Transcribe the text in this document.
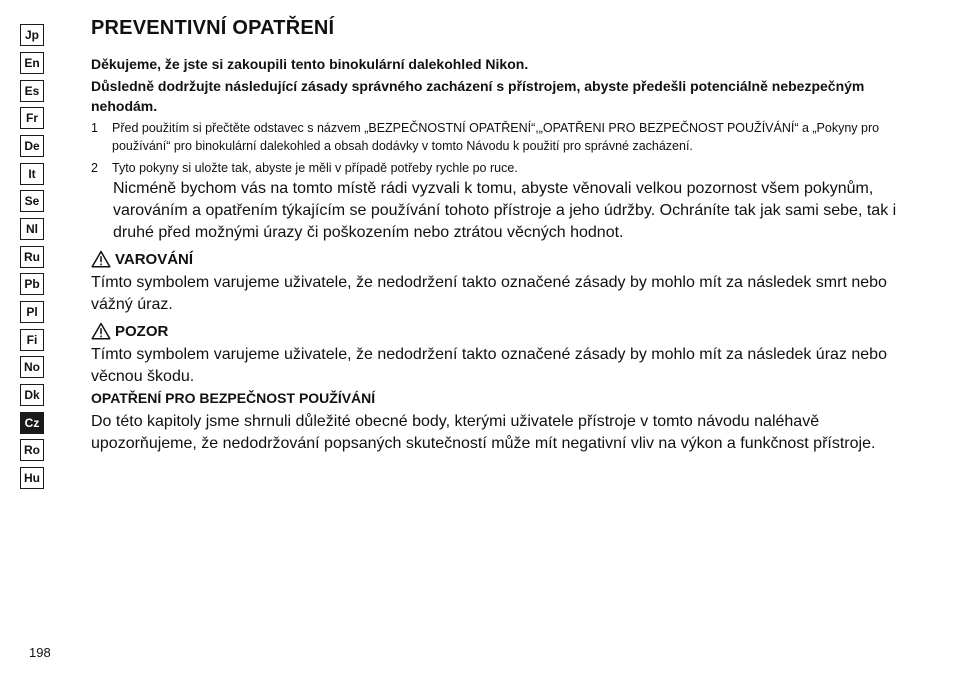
Jp
En
Es
Fr
De
It
Se
Nl
Ru
Pb
Pl
Fi
No
Dk
Cz
Ro
Hu
PREVENTIVNÍ OPATŘENÍ
Děkujeme, že jste si zakoupili tento binokulární dalekohled Nikon.
Důsledně dodržujte následující zásady správného zacházení s přístrojem, abyste předešli potenciálně nebezpečným nehodám.
1	Před použitím si přečtěte odstavec s názvem „BEZPEČNOSTNÍ OPATŘENÍ“,„OPATŘENI PRO BEZPEČNOST POUŽÍVÁNÍ“ a „Pokyny pro používání“ pro binokulární dalekohled a obsah dodávky v tomto Návodu k použití pro správné zacházení.
2	Tyto pokyny si uložte tak, abyste je měli v případě potřeby rychle po ruce.
Nicméně bychom vás na tomto místě rádi vyzvali k tomu, abyste věnovali velkou pozornost všem pokynům, varováním a opatřením týkajícím se používání tohoto přístroje a jeho údržby. Ochráníte tak jak sami sebe, tak i druhé před možnými úrazy či poškozením nebo ztrátou věcných hodnot.
VAROVÁNÍ
Tímto symbolem varujeme uživatele, že nedodržení takto označené zásady by mohlo mít za následek smrt nebo vážný úraz.
POZOR
Tímto symbolem varujeme uživatele, že nedodržení takto označené zásady by mohlo mít za následek úraz nebo věcnou škodu.
OPATŘENÍ PRO BEZPEČNOST POUŽÍVÁNÍ
Do této kapitoly jsme shrnuli důležité obecné body, kterými uživatele přístroje v tomto návodu naléhavě upozorňujeme, že nedodržování popsaných skutečností může mít negativní vliv na výkon a funkčnost přístroje.
198
